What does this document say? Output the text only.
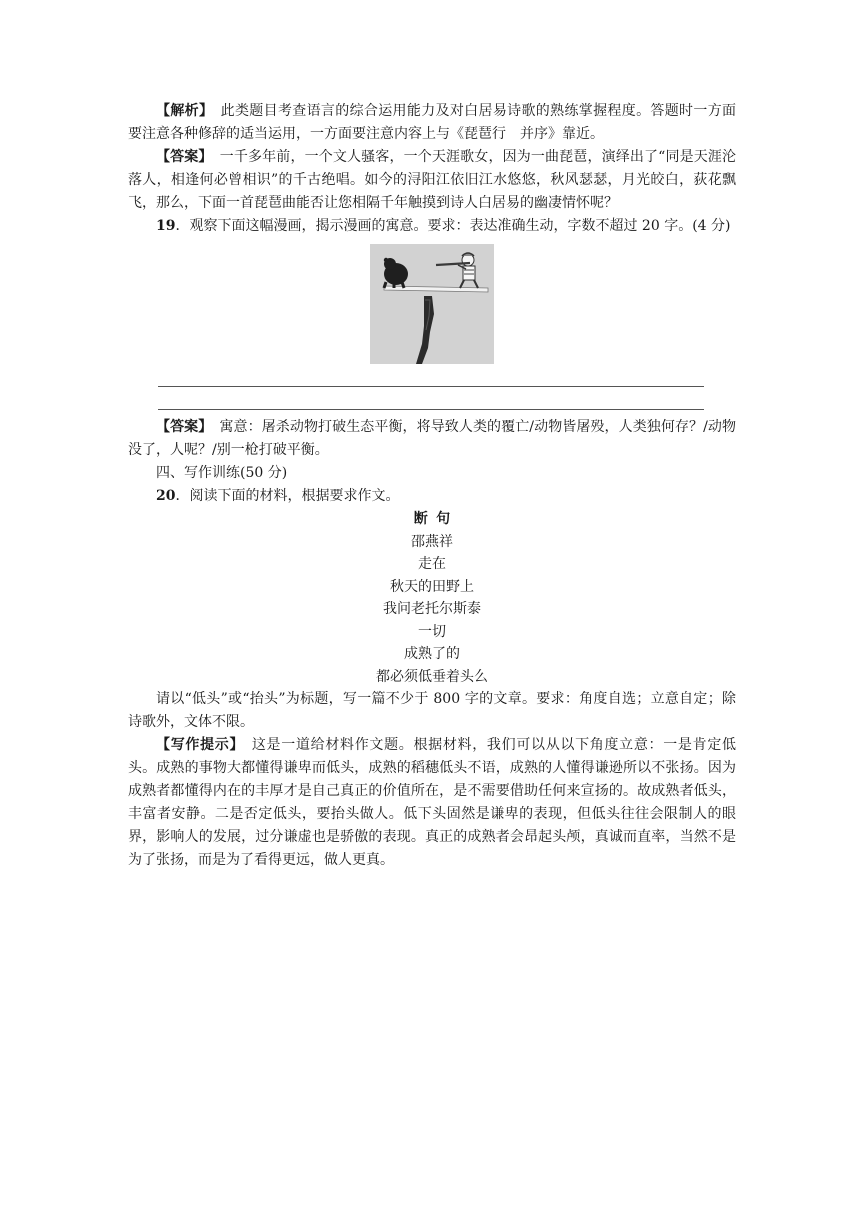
【解析】　 此类题目考查语言的综合运用能力及对白居易诗歌的熟练掌握程度。答题时一方面要注意各种修辞的适当运用，一方面要注意内容上与《琵琶行　并序》靠近。

【答案】　 一千多年前，一个文人骚客，一个天涯歌女，因为一曲琵琶，演绎出了“同是天涯沦落人，相逢何必曾相识”的千古绝唱。如今的浔阳江依旧江水悠悠，秋风瑟瑟，月光皎白，荻花飘飞，那么，下面一首琵琶曲能否让您相隔千年触摸到诗人白居易的幽凄情怀呢？

19．观察下面这幅漫画，揭示漫画的寓意。要求：表达准确生动，字数不超过 20 字。(4 分)

【答案】　 寓意：屠杀动物打破生态平衡，将导致人类的覆亡/动物皆屠殁，人类独何存？/动物没了，人呢？/别一枪打破平衡。

四、写作训练(50 分)

20．阅读下面的材料，根据要求作文。

断句
邵燕祥
走在
秋天的田野上
我问老托尔斯泰
一切
成熟了的
都必须低垂着头么

请以“低头”或“抬头”为标题，写一篇不少于 800 字的文章。要求：角度自选；立意自定；除诗歌外，文体不限。

【写作提示】　 这是一道给材料作文题。根据材料，我们可以从以下角度立意：一是肯定低头。成熟的事物大都懂得谦卑而低头，成熟的稻穗低头不语，成熟的人懂得谦逊所以不张扬。因为成熟者都懂得内在的丰厚才是自己真正的价值所在，是不需要借助任何来宣扬的。故成熟者低头，丰富者安静。二是否定低头，要抬头做人。低下头固然是谦卑的表现，但低头往往会限制人的眼界，影响人的发展，过分谦虚也是骄傲的表现。真正的成熟者会昂起头颅，真诚而直率，当然不是为了张扬，而是为了看得更远，做人更真。
